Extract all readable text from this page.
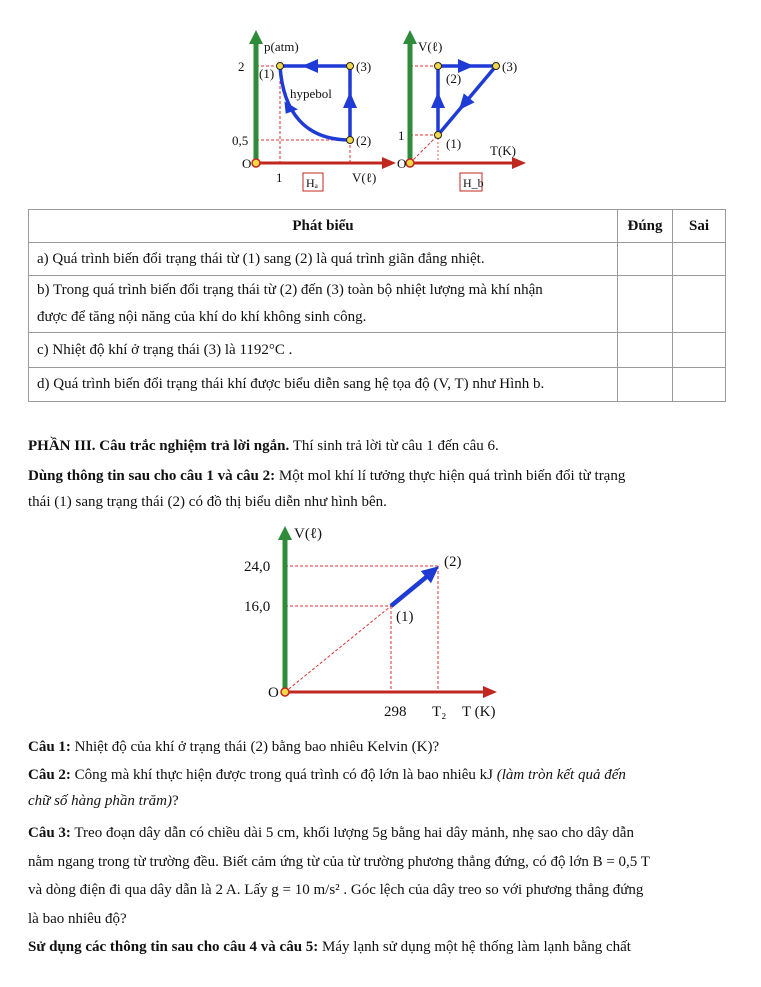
p(atm)
2
0,5
O
1	V(ℓ)
(1)	(3)
(2)
hypebol
Hₐ
V(ℓ)
1
O
(2)
(3)
(1) T(K)
H_b
Phát biểu	Đúng	Sai
a) Quá trình biến đổi trạng thái từ (1) sang (2) là quá trình giãn đẳng nhiệt.		
b) Trong quá trình biến đổi trạng thái từ (2) đến (3) toàn bộ nhiệt lượng mà khí nhận
được để tăng nội năng của khí do khí không sinh công.		
c) Nhiệt độ khí ở trạng thái (3) là 1192°C .		
d) Quá trình biến đổi trạng thái khí được biểu diễn sang hệ tọa độ (V, T) như Hình b.		
PHẦN III. Câu trắc nghiệm trả lời ngắn. Thí sinh trả lời từ câu 1 đến câu 6.
Dùng thông tin sau cho câu 1 và câu 2: Một mol khí lí tưởng thực hiện quá trình biến đổi từ trạng
thái (1) sang trạng thái (2) có đồ thị biểu diễn như hình bên.
V(ℓ)
24,0
16,0
O
298 T₂ T (K)
(2)
(1)
Câu 1: Nhiệt độ của khí ở trạng thái (2) bằng bao nhiêu Kelvin (K)?
Câu 2: Công mà khí thực hiện được trong quá trình có độ lớn là bao nhiêu kJ (làm tròn kết quả đến
chữ số hàng phần trăm)?
Câu 3: Treo đoạn dây dẫn có chiều dài 5 cm, khối lượng 5g bằng hai dây mảnh, nhẹ sao cho dây dẫn
nằm ngang trong từ trường đều. Biết cảm ứng từ của từ trường phương thẳng đứng, có độ lớn B = 0,5 T
và dòng điện đi qua dây dẫn là 2 A. Lấy g = 10 m/s² . Góc lệch của dây treo so với phương thẳng đứng
là bao nhiêu độ?
Sử dụng các thông tin sau cho câu 4 và câu 5: Máy lạnh sử dụng một hệ thống làm lạnh bằng chất
